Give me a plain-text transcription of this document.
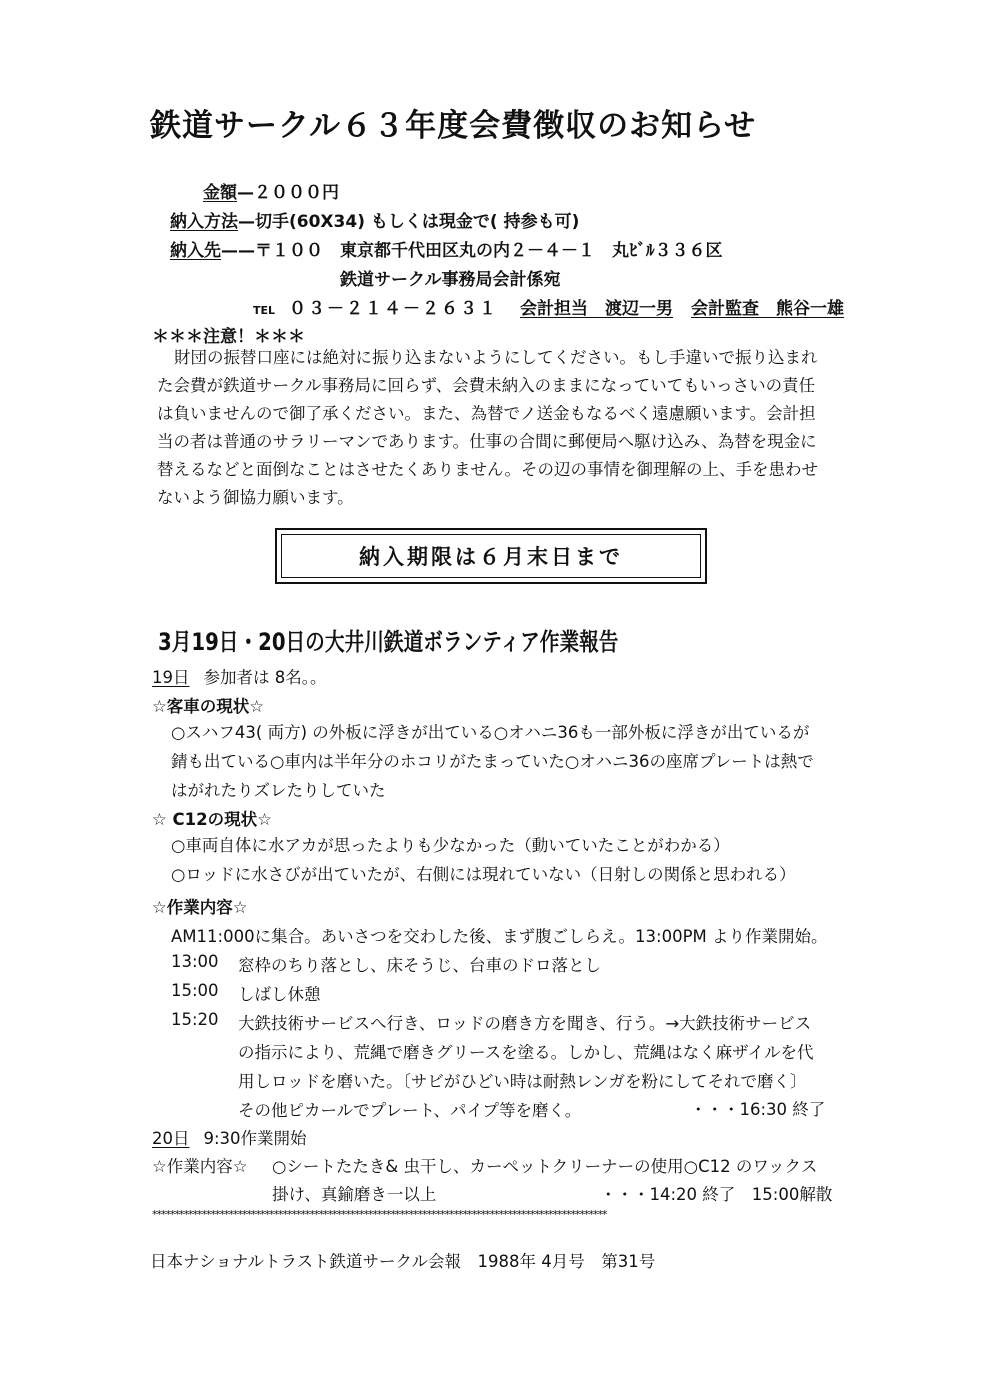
鉄道サークル６３年度会費徴収のお知らせ
金額—２０００円
納入方法—切手(60X34) もしくは現金で( 持参も可)
納入先——〒１００　東京都千代田区丸の内２－４－１　丸ﾋﾞﾙ３３６区
鉄道サークル事務局会計係宛
TEL ０３－２１４－２６３１ 会計担当　渡辺一男 会計監査　熊谷一雄
＊＊＊注意！＊＊＊
財団の振替口座には絶対に振り込まないようにしてください。もし手違いで振り込まれ
た会費が鉄道サークル事務局に回らず、会費未納入のままになっていてもいっさいの責任
は負いませんので御了承ください。また、為替でノ送金もなるべく遠慮願います。会計担
当の者は普通のサラリーマンであります。仕事の合間に郵便局へ駆け込み、為替を現金に
替えるなどと面倒なことはさせたくありません。その辺の事情を御理解の上、手を患わせ
ないよう御協力願います。
納入期限は６月末日まで
3月19日・20日の大井川鉄道ボランティア作業報告
19日 参加者は 8名。。
☆客車の現状☆
○スハフ43( 両方) の外板に浮きが出ている○オハニ36も一部外板に浮きが出ているが
錆も出ている○車内は半年分のホコリがたまっていた○オハニ36の座席プレートは熱で
はがれたりズレたりしていた
☆ C12の現状☆
○車両自体に水アカが思ったよりも少なかった（動いていたことがわかる）
○ロッドに水さびが出ていたが、右側には現れていない（日射しの関係と思われる）
☆作業内容☆
AM11:000に集合。あいさつを交わした後、まず腹ごしらえ。13:00PM より作業開始。
13:00 窓枠のちり落とし、床そうじ、台車のドロ落とし
15:00 しばし休憩
15:20 大鉄技術サービスへ行き、ロッドの磨き方を聞き、行う。→大鉄技術サービス
の指示により、荒縄で磨きグリースを塗る。しかし、荒縄はなく麻ザイルを代
用しロッドを磨いた。〔サビがひどい時は耐熱レンガを粉にしてそれで磨く〕
その他ピカールでプレート、パイプ等を磨く。	・・・16:30 終了
20日 9:30作業開始
☆作業内容☆ ○シートたたき& 虫干し、カーペットクリーナーの使用○C12 のワックス
掛け、真鍮磨き一以上	・・・14:20 終了　15:00解散
*****************************************************************************************************
日本ナショナルトラスト鉄道サークル会報　1988年 4月号　第31号
